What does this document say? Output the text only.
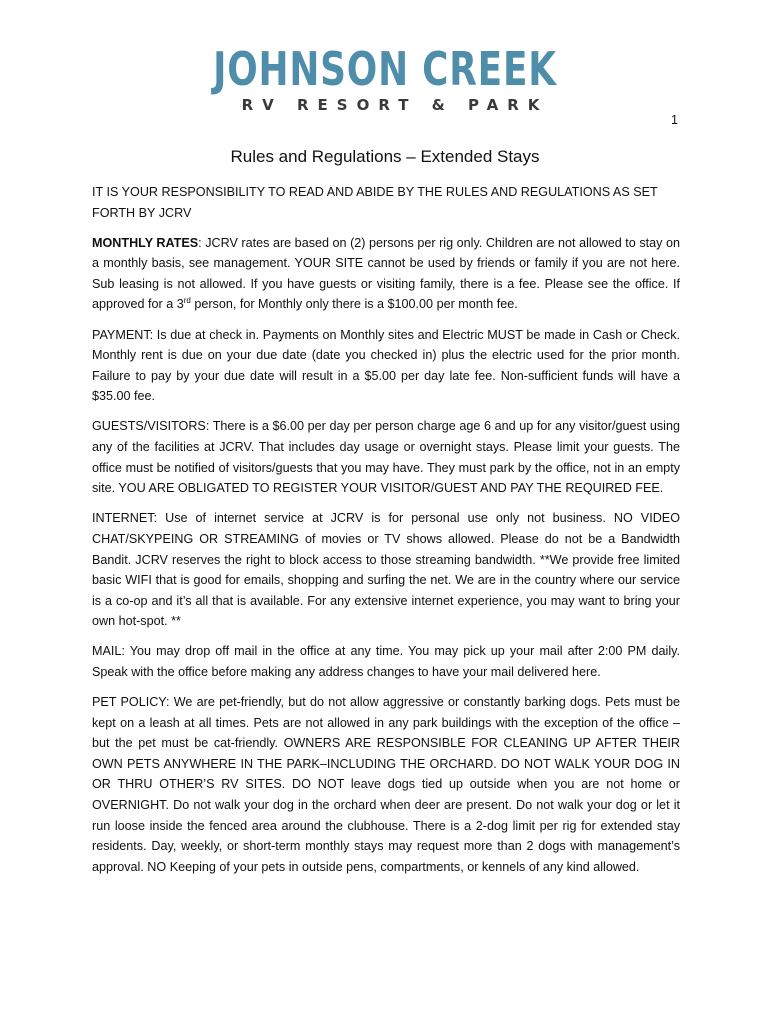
JOHNSON CREEK
RV RESORT & PARK
1
Rules and Regulations – Extended Stays

IT IS YOUR RESPONSIBILITY TO READ AND ABIDE BY THE RULES AND REGULATIONS AS SET FORTH BY JCRV

MONTHLY RATES: JCRV rates are based on (2) persons per rig only. Children are not allowed to stay on a monthly basis, see management. YOUR SITE cannot be used by friends or family if you are not here. Sub leasing is not allowed. If you have guests or visiting family, there is a fee. Please see the office. If approved for a 3rd person, for Monthly only there is a $100.00 per month fee.

PAYMENT: Is due at check in. Payments on Monthly sites and Electric MUST be made in Cash or Check. Monthly rent is due on your due date (date you checked in) plus the electric used for the prior month. Failure to pay by your due date will result in a $5.00 per day late fee. Non-sufficient funds will have a $35.00 fee.

GUESTS/VISITORS: There is a $6.00 per day per person charge age 6 and up for any visitor/guest using any of the facilities at JCRV. That includes day usage or overnight stays. Please limit your guests. The office must be notified of visitors/guests that you may have. They must park by the office, not in an empty site. YOU ARE OBLIGATED TO REGISTER YOUR VISITOR/GUEST AND PAY THE REQUIRED FEE.

INTERNET: Use of internet service at JCRV is for personal use only not business. NO VIDEO CHAT/SKYPEING OR STREAMING of movies or TV shows allowed. Please do not be a Bandwidth Bandit. JCRV reserves the right to block access to those streaming bandwidth. **We provide free limited basic WIFI that is good for emails, shopping and surfing the net. We are in the country where our service is a co-op and it’s all that is available. For any extensive internet experience, you may want to bring your own hot-spot. **

MAIL: You may drop off mail in the office at any time. You may pick up your mail after 2:00 PM daily. Speak with the office before making any address changes to have your mail delivered here.

PET POLICY: We are pet-friendly, but do not allow aggressive or constantly barking dogs. Pets must be kept on a leash at all times. Pets are not allowed in any park buildings with the exception of the office – but the pet must be cat-friendly. OWNERS ARE RESPONSIBLE FOR CLEANING UP AFTER THEIR OWN PETS ANYWHERE IN THE PARK–INCLUDING THE ORCHARD. DO NOT WALK YOUR DOG IN OR THRU OTHER’S RV SITES. DO NOT leave dogs tied up outside when you are not home or OVERNIGHT. Do not walk your dog in the orchard when deer are present. Do not walk your dog or let it run loose inside the fenced area around the clubhouse. There is a 2-dog limit per rig for extended stay residents. Day, weekly, or short-term monthly stays may request more than 2 dogs with management’s approval. NO Keeping of your pets in outside pens, compartments, or kennels of any kind allowed.
